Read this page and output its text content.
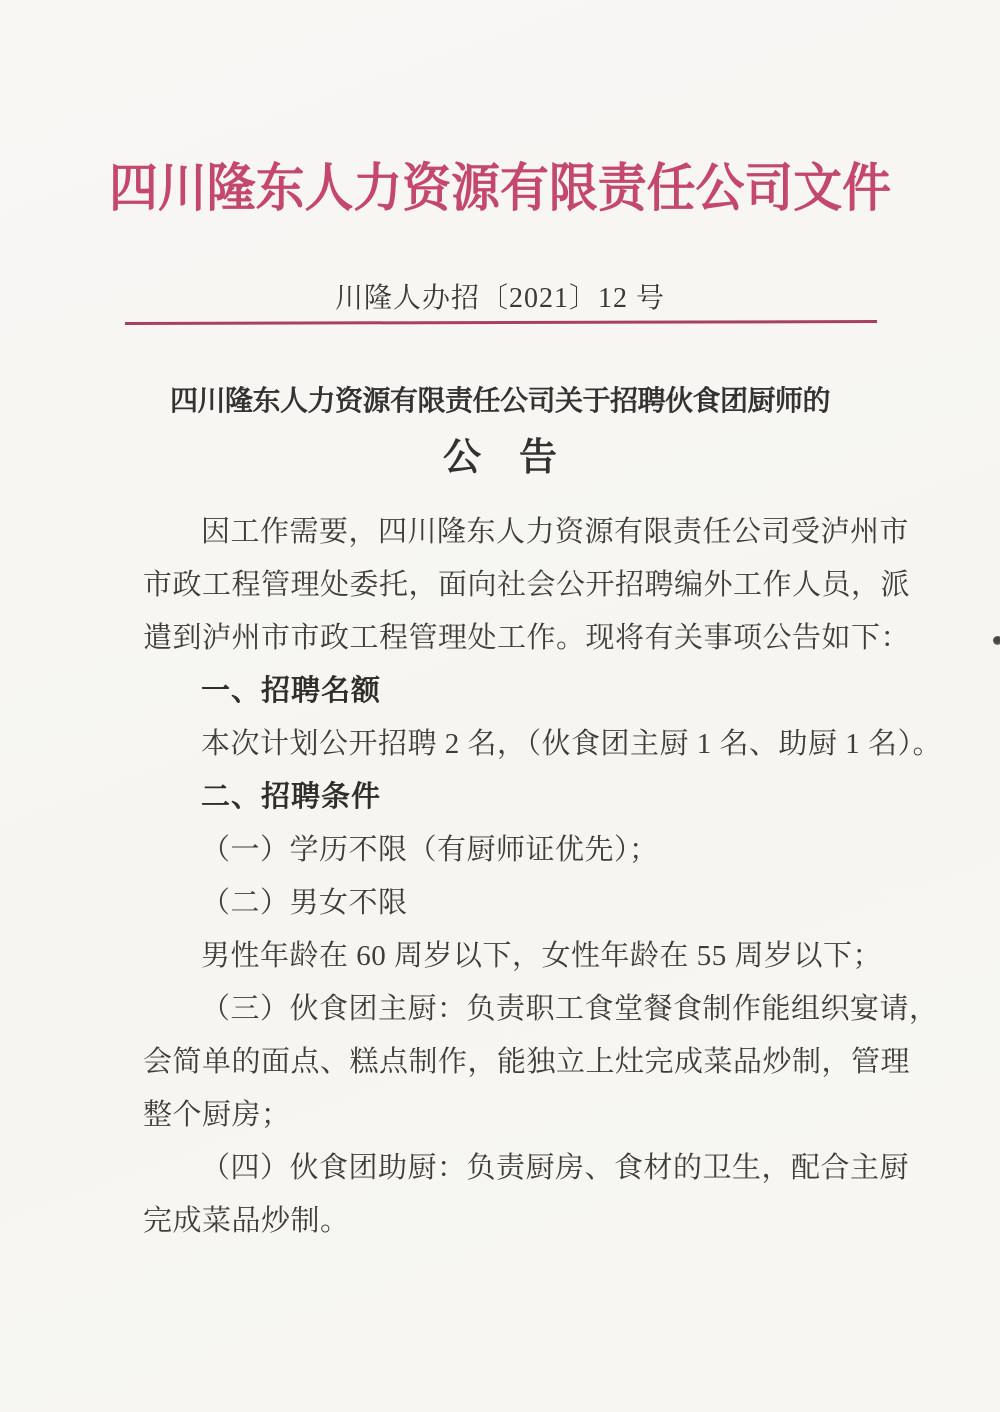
四川隆东人力资源有限责任公司文件
川隆人办招〔2021〕12 号
四川隆东人力资源有限责任公司关于招聘伙食团厨师的
公　告
因工作需要，四川隆东人力资源有限责任公司受泸州市
市政工程管理处委托，面向社会公开招聘编外工作人员，派
遣到泸州市市政工程管理处工作。现将有关事项公告如下：
一、招聘名额
本次计划公开招聘 2 名，（伙食团主厨 1 名、助厨 1 名）。
二、招聘条件
（一）学历不限（有厨师证优先）；
（二）男女不限
男性年龄在 60 周岁以下，女性年龄在 55 周岁以下；
（三）伙食团主厨：负责职工食堂餐食制作能组织宴请，
会简单的面点、糕点制作，能独立上灶完成菜品炒制，管理
整个厨房；
（四）伙食团助厨：负责厨房、食材的卫生，配合主厨
完成菜品炒制。
